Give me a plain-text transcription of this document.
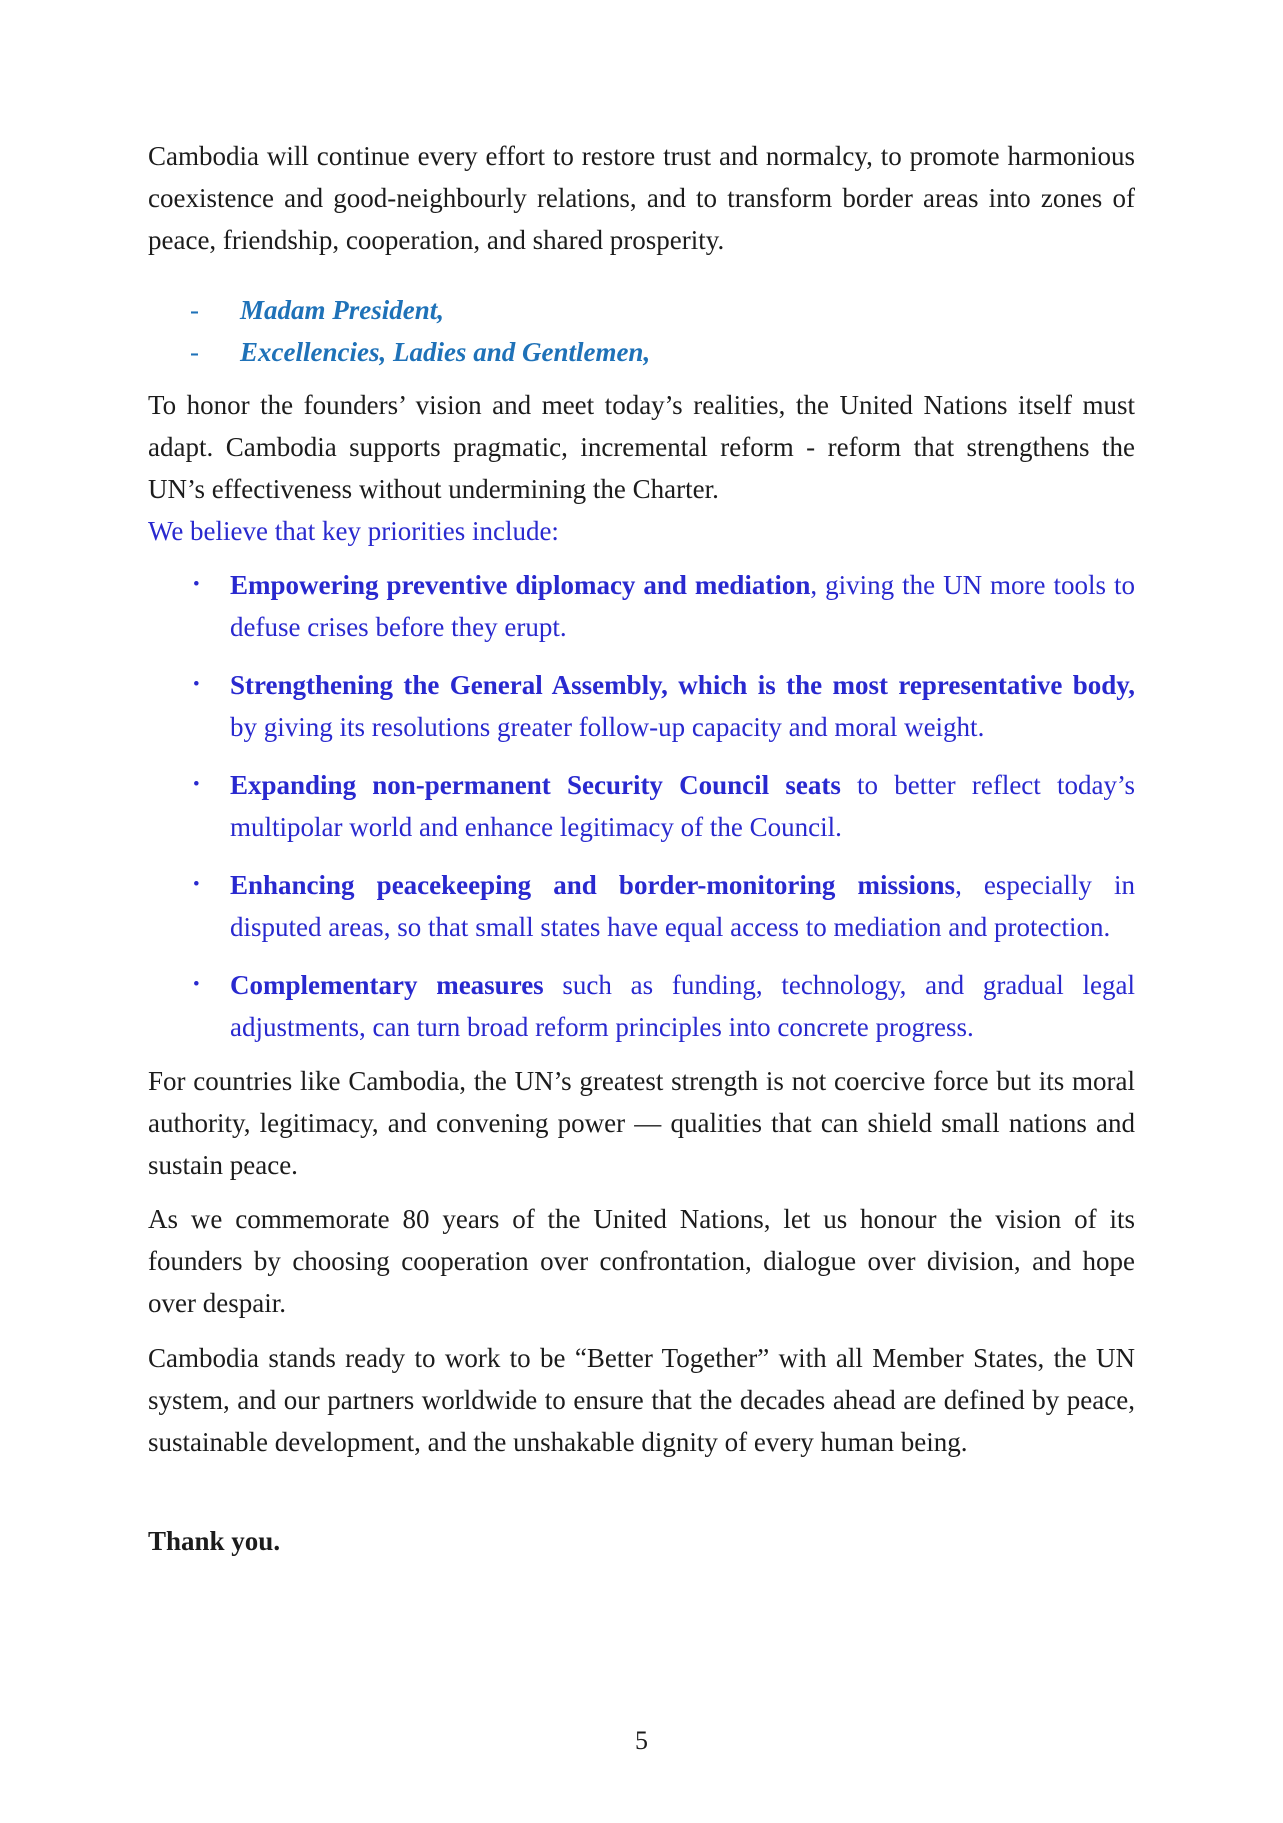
Cambodia will continue every effort to restore trust and normalcy, to promote harmonious coexistence and good-neighbourly relations, and to transform border areas into zones of peace, friendship, cooperation, and shared prosperity.

-	Madam President,
-	Excellencies, Ladies and Gentlemen,

To honor the founders’ vision and meet today’s realities, the United Nations itself must adapt. Cambodia supports pragmatic, incremental reform - reform that strengthens the UN’s effectiveness without undermining the Charter.

We believe that key priorities include:
•	Empowering preventive diplomacy and mediation, giving the UN more tools to defuse crises before they erupt.
•	Strengthening the General Assembly, which is the most representative body, by giving its resolutions greater follow-up capacity and moral weight.
•	Expanding non-permanent Security Council seats to better reflect today’s multipolar world and enhance legitimacy of the Council.
•	Enhancing peacekeeping and border-monitoring missions, especially in disputed areas, so that small states have equal access to mediation and protection.
•	Complementary measures such as funding, technology, and gradual legal adjustments, can turn broad reform principles into concrete progress.

For countries like Cambodia, the UN’s greatest strength is not coercive force but its moral authority, legitimacy, and convening power — qualities that can shield small nations and sustain peace.

As we commemorate 80 years of the United Nations, let us honour the vision of its founders by choosing cooperation over confrontation, dialogue over division, and hope over despair.

Cambodia stands ready to work to be “Better Together” with all Member States, the UN system, and our partners worldwide to ensure that the decades ahead are defined by peace, sustainable development, and the unshakable dignity of every human being.

Thank you.
5
